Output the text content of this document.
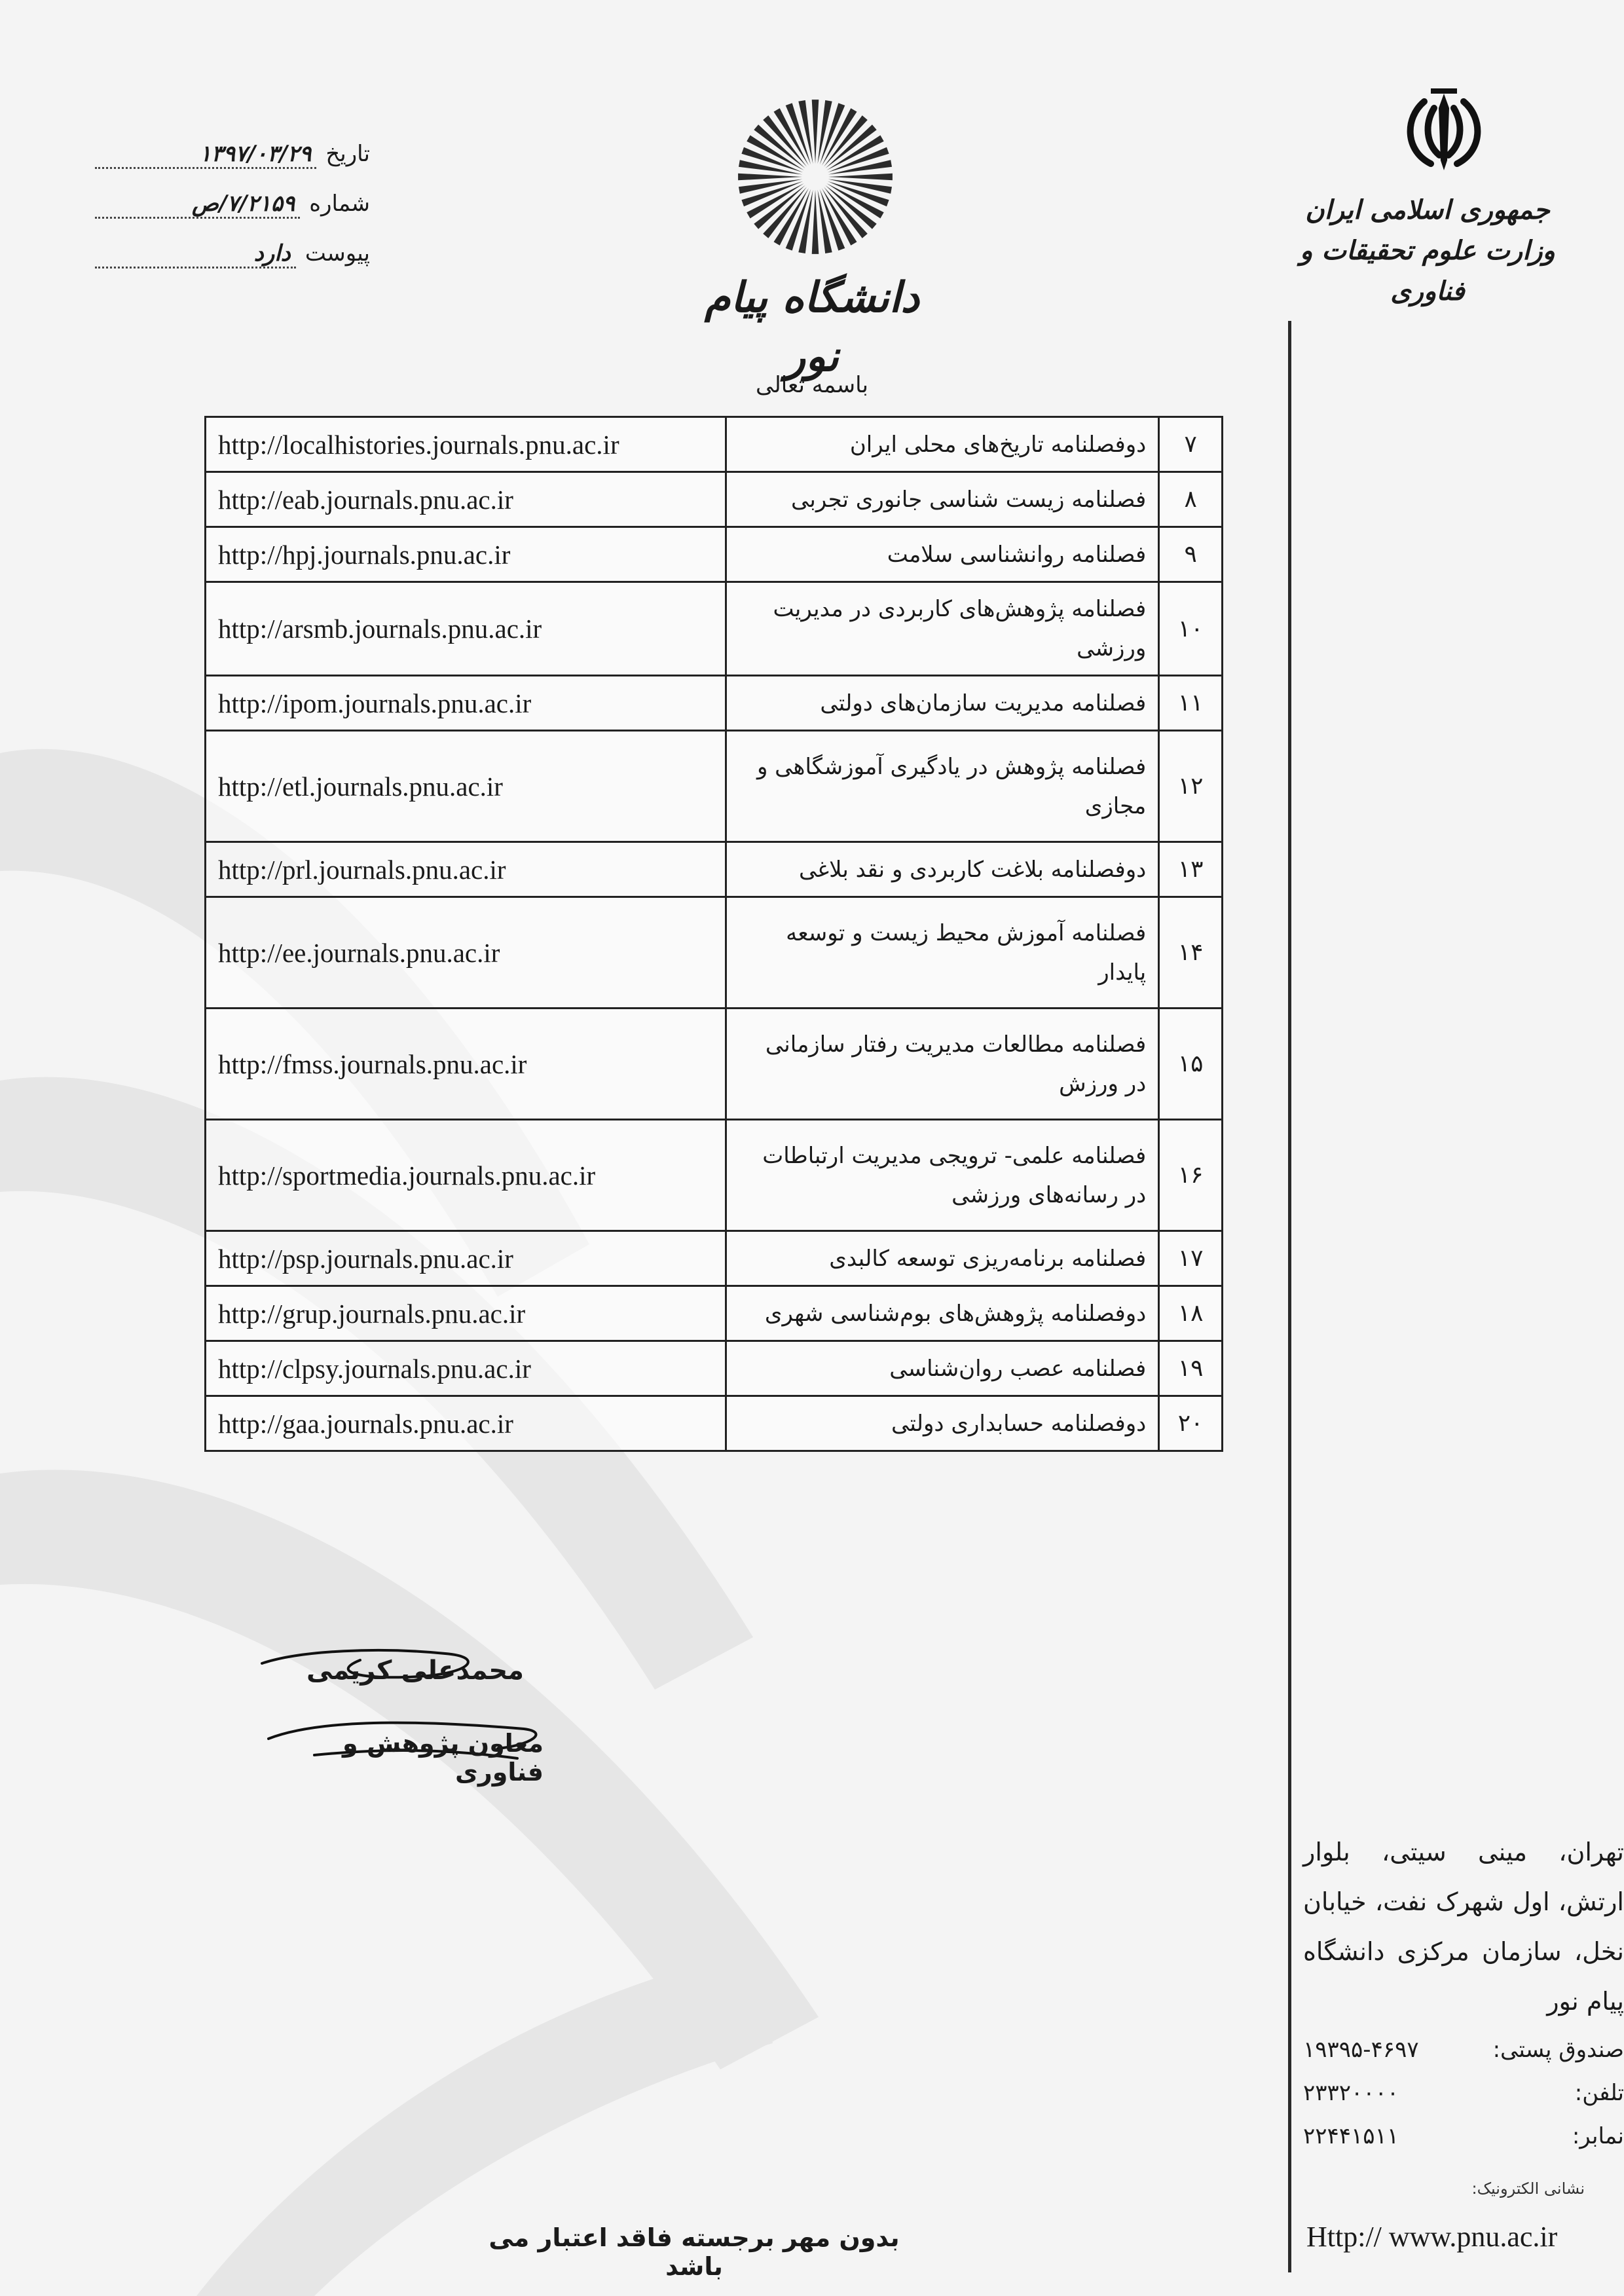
جمهوری اسلامی ایران
وزارت علوم تحقیقات و فناوری
دانشگاه پیام نور
باسمه تعالی
تاریخ
۱۳۹۷/۰۳/۲۹
شماره
۷/۲۱۵۹/ص
پیوست
دارد
http://localhistories.journals.pnu.ac.ir	دوفصلنامه تاریخ‌های محلی ایران	۷
http://eab.journals.pnu.ac.ir	فصلنامه زیست شناسی جانوری تجربی	۸
http://hpj.journals.pnu.ac.ir	فصلنامه روانشناسی سلامت	۹
http://arsmb.journals.pnu.ac.ir	فصلنامه پژوهش‌های کاربردی در مدیریت ورزشی	۱۰
http://ipom.journals.pnu.ac.ir	فصلنامه مدیریت سازمان‌های دولتی	۱۱
http://etl.journals.pnu.ac.ir	فصلنامه پژوهش در یادگیری آموزشگاهی و مجازی	۱۲
http://prl.journals.pnu.ac.ir	دوفصلنامه بلاغت کاربردی و نقد بلاغی	۱۳
http://ee.journals.pnu.ac.ir	فصلنامه آموزش محیط زیست و توسعه پایدار	۱۴
http://fmss.journals.pnu.ac.ir	فصلنامه مطالعات مدیریت رفتار سازمانی در ورزش	۱۵
http://sportmedia.journals.pnu.ac.ir	فصلنامه علمی- ترویجی مدیریت ارتباطات در رسانه‌های ورزشی	۱۶
http://psp.journals.pnu.ac.ir	فصلنامه برنامه‌ریزی توسعه کالبدی	۱۷
http://grup.journals.pnu.ac.ir	دوفصلنامه پژوهش‌های بوم‌شناسی شهری	۱۸
http://clpsy.journals.pnu.ac.ir	فصلنامه عصب روان‌شناسی	۱۹
http://gaa.journals.pnu.ac.ir	دوفصلنامه حسابداری دولتی	۲۰
محمدعلی کریمی
معاون پژوهش و فناوری
تهران، مینی سیتی، بلوار ارتش، اول شهرک نفت، خیابان نخل، سازمان مرکزی دانشگاه پیام نور
۱۹۳۹۵-۴۶۹۷	صندوق پستی:
۲۳۳۲۰۰۰۰	تلفن:
۲۲۴۴۱۵۱۱	نمابر:
نشانی الکترونیک:
Http:// www.pnu.ac.ir
بدون مهر برجسته فاقد اعتبار می باشد
